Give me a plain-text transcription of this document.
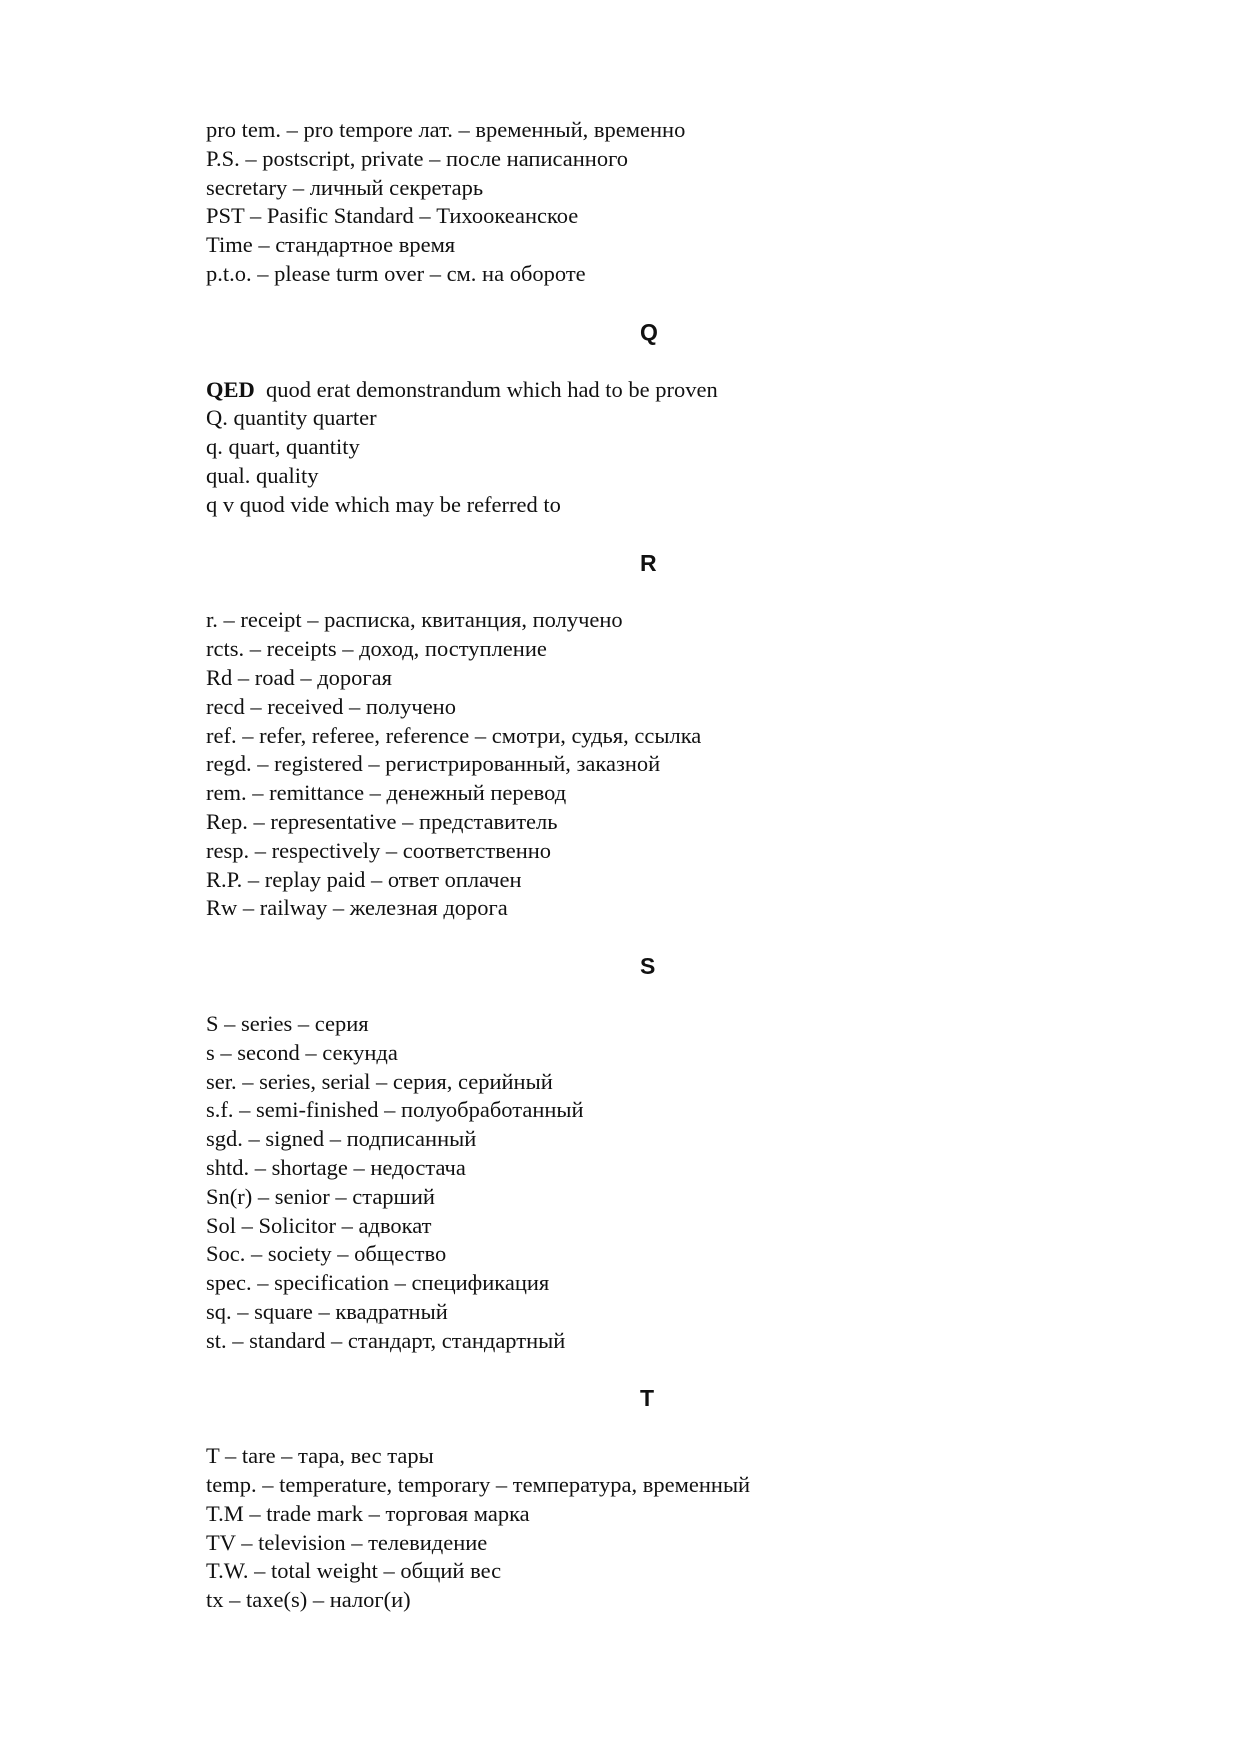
pro tem. – pro tempore лат. – временный, временно
P.S. – postscript, private – после написанного
secretary – личный секретарь
PST – Pasific Standard – Тихоокеанское
Time – стандартное время
p.t.o. – please turm over – см. на обороте
Q
QED  quod erat demonstrandum which had to be proven
Q. quantity quarter
q. quart, quantity
qual. quality
q v quod vide which may be referred to
R
r. – receipt – расписка, квитанция, получено
rcts. – receipts – доход, поступление
Rd – road – дорогая
recd – received – получено
ref. – refer, referee, reference – смотри, судья, ссылка
regd. – registered – регистрированный, заказной
rem. – remittance – денежный перевод
Rep. – representative – представитель
resp. – respectively – соответственно
R.P. – replay paid – ответ оплачен
Rw – railway – железная дорога
S
S – series – серия
s – second – секунда
ser. – series, serial – серия, серийный
s.f. – semi-finished – полуобработанный
sgd. – signed – подписанный
shtd. – shortage – недостача
Sn(r) – senior – старший
Sol – Solicitor – адвокат
Soc. – society – общество
spec. – specification – спецификация
sq. – square – квадратный
st. – standard – стандарт, стандартный
T
T – tare – тара, вес тары
temp. – temperature, temporary – температура, временный
T.M – trade mark – торговая марка
TV – television – телевидение
T.W. – total weight – общий вес
tx – taxe(s) – налог(и)
